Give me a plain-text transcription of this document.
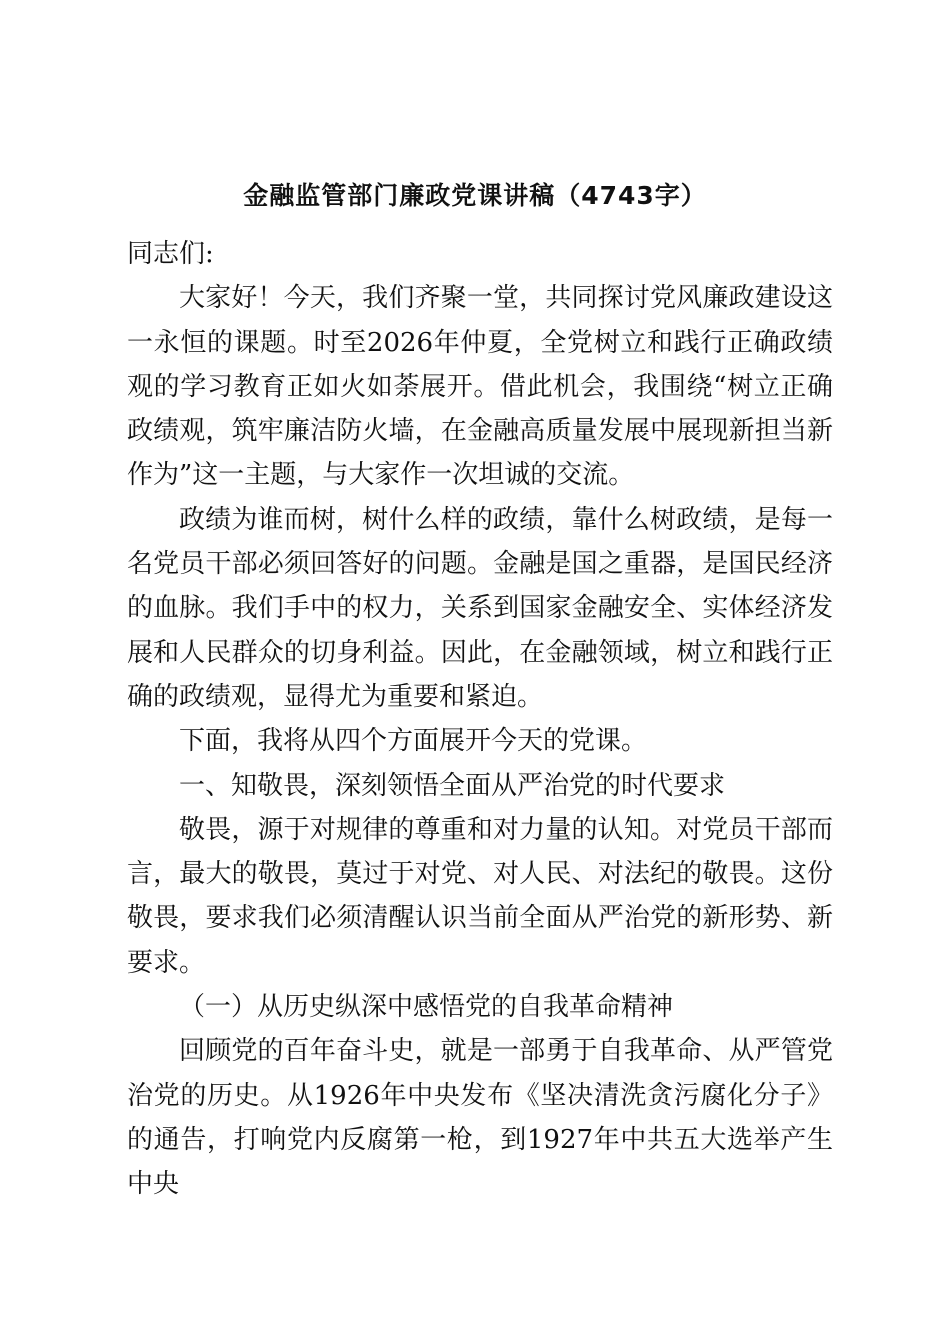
金融监管部门廉政党课讲稿（4743字）

同志们:

大家好！今天，我们齐聚一堂，共同探讨党风廉政建设这一永恒的课题。时至2026年仲夏，全党树立和践行正确政绩观的学习教育正如火如荼展开。借此机会，我围绕“树立正确政绩观，筑牢廉洁防火墙，在金融高质量发展中展现新担当新作为”这一主题，与大家作一次坦诚的交流。

政绩为谁而树，树什么样的政绩，靠什么树政绩，是每一名党员干部必须回答好的问题。金融是国之重器，是国民经济的血脉。我们手中的权力，关系到国家金融安全、实体经济发展和人民群众的切身利益。因此，在金融领域，树立和践行正确的政绩观，显得尤为重要和紧迫。

下面，我将从四个方面展开今天的党课。

一、知敬畏，深刻领悟全面从严治党的时代要求

敬畏，源于对规律的尊重和对力量的认知。对党员干部而言，最大的敬畏，莫过于对党、对人民、对法纪的敬畏。这份敬畏，要求我们必须清醒认识当前全面从严治党的新形势、新要求。

（一）从历史纵深中感悟党的自我革命精神

回顾党的百年奋斗史，就是一部勇于自我革命、从严管党治党的历史。从1926年中央发布《坚决清洗贪污腐化分子》的通告，打响党内反腐第一枪，到1927年中共五大选举产生中央
